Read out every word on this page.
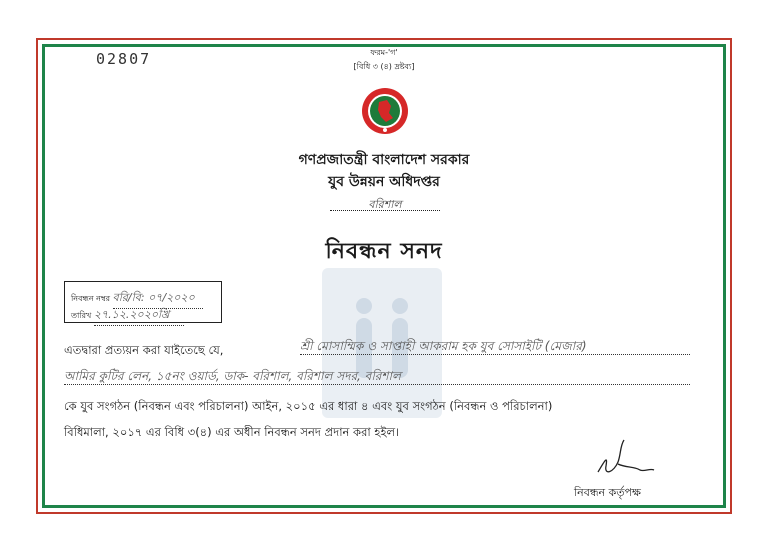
02807	ফরম-'গ'
[বিধি ৩ (৪) দ্রষ্টব্য]
গণপ্রজাতন্ত্রী বাংলাদেশ সরকার
যুব উন্নয়ন অধিদপ্তর
বরিশাল
নিবন্ধন সনদ
নিবন্ধন নম্বর বরি/বি: ০৭/২০২০
তারিখ ২৭.১২.২০২০খ্রি
এতদ্বারা প্রত্যয়ন করা যাইতেছে যে,	শ্রী মোসাম্মিক ও সাপ্তাহী আকরাম হক যুব সোসাইটি (মেজার)
আমির কুটির লেন, ১৫নং ওয়ার্ড, ডাক- বরিশাল, বরিশাল সদর, বরিশাল
কে যুব সংগঠন (নিবন্ধন এবং পরিচালনা) আইন, ২০১৫ এর ধারা ৪ এবং যুব সংগঠন (নিবন্ধন ও পরিচালনা)
বিধিমালা, ২০১৭ এর বিধি ৩(৪) এর অধীন নিবন্ধন সনদ প্রদান করা হইল।
নিবন্ধন কর্তৃপক্ষ
